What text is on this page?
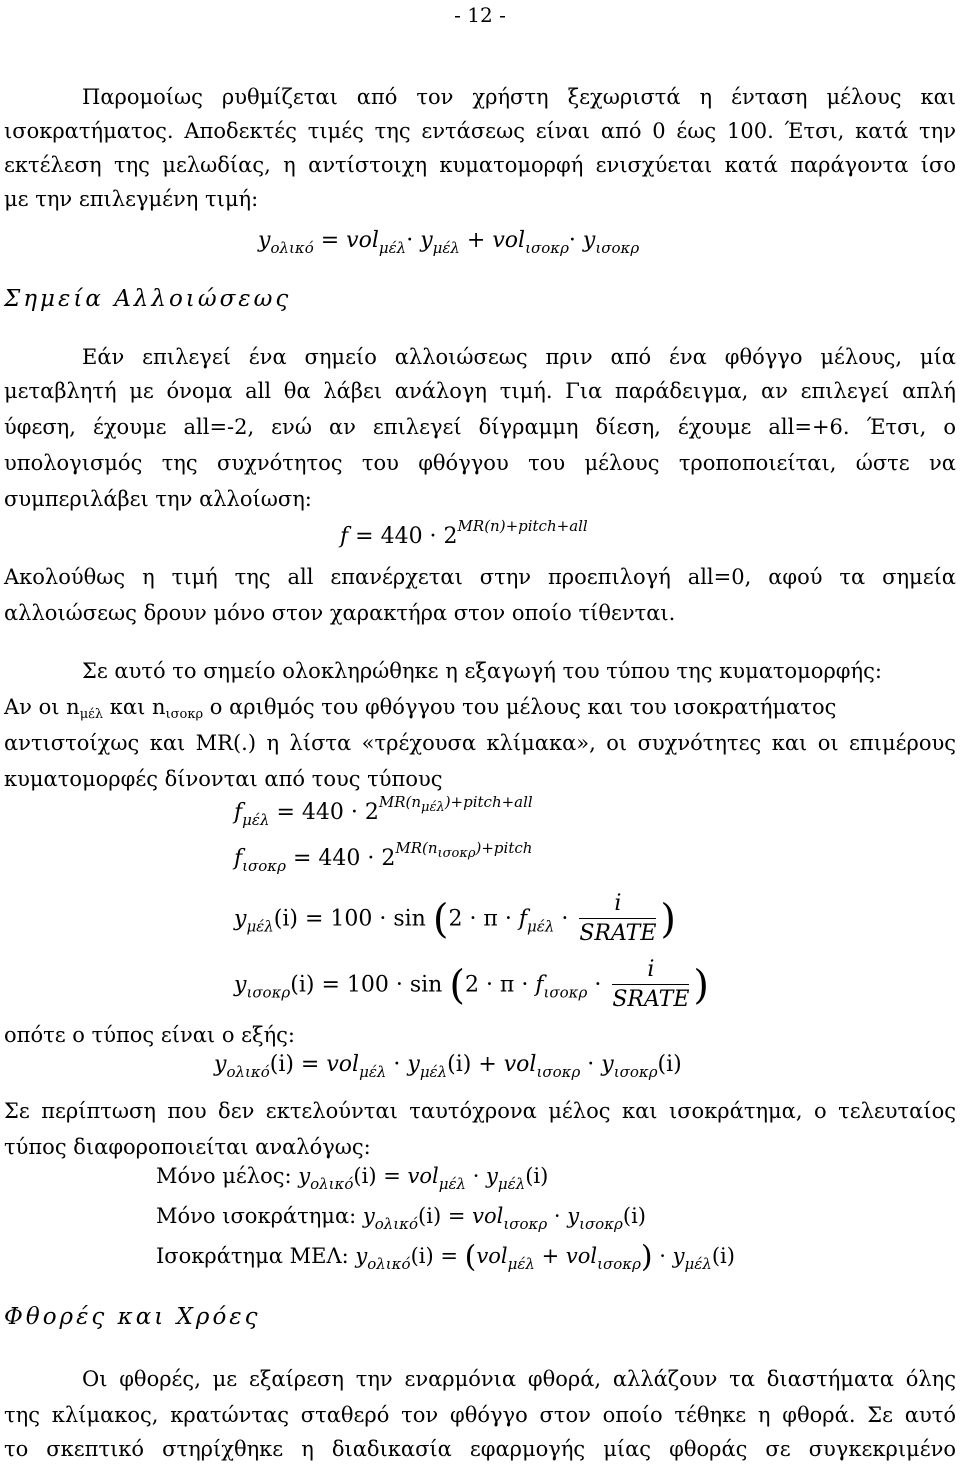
- 12 -
Παρομοίως ρυθμίζεται από τον χρήστη ξεχωριστά η ένταση μέλους και
ισοκρατήματος. Αποδεκτές τιμές της εντάσεως είναι από 0 έως 100. Έτσι, κατά την
εκτέλεση της μελωδίας, η αντίστοιχη κυματομορφή ενισχύεται κατά παράγοντα ίσο
με την επιλεγμένη τιμή:
$y_{o\lambda\iota\kappa ό} = vol_{\mu έ\lambda}\cdot y_{\mu έ\lambda} + vol_{\iota\sigma o\kappa\rho}\cdot y_{\iota\sigma o\kappa\rho}$
Σημεία Αλλοιώσεως
Εάν επιλεγεί ένα σημείο αλλοιώσεως πριν από ένα φθόγγο μέλους, μία
μεταβλητή με όνομα all θα λάβει ανάλογη τιμή. Για παράδειγμα, αν επιλεγεί απλή
ύφεση, έχουμε all=-2, ενώ αν επιλεγεί δίγραμμη δίεση, έχουμε all=+6. Έτσι, ο
υπολογισμός της συχνότητος του φθόγγου του μέλους τροποποιείται, ώστε να
συμπεριλάβει την αλλοίωση:
$f = 440 \cdot 2^{MR(n)+pitch+all}$
Ακολούθως η τιμή της all επανέρχεται στην προεπιλογή all=0, αφού τα σημεία
αλλοιώσεως δρουν μόνο στον χαρακτήρα στον οποίο τίθενται.
Σε αυτό το σημείο ολοκληρώθηκε η εξαγωγή του τύπου της κυματομορφής:
Αν οι nμέλ και nισοκρ ο αριθμός του φθόγγου του μέλους και του ισοκρατήματος
αντιστοίχως και MR(.) η λίστα «τρέχουσα κλίμακα», οι συχνότητες και οι επιμέρους
κυματομορφές δίνονται από τους τύπους
$f_{\mu έ\lambda} = 440 \cdot 2^{MR(n\mu έ\lambda)+pitch+all}$
$f_{\iota\sigma o\kappa\rho} = 440 \cdot 2^{MR(n\iota\sigma o\kappa\rho)+pitch}$
$y_{\mu έ\lambda}(i) = 100 \cdot \sin (2 \cdot \pi \cdot f_{\mu έ\lambda} \cdot \frac{i}{\text{SRATE}}$ )
$y_{\iota\sigma o\kappa\rho}(i) = 100 \cdot \sin (2 \cdot \pi \cdot f_{\iota\sigma o\kappa\rho} \cdot \frac{i}{\text{SRATE}}$ )
οπότε ο τύπος είναι ο εξής:
$y_{o\lambda\iota\kappa ό}(i) = vol_{\mu έ\lambda} \cdot y_{\mu έ\lambda}(i) + vol_{\iota\sigma o\kappa\rho} \cdot y_{\iota\sigma o\kappa\rho}(i)$
Σε περίπτωση που δεν εκτελούνται ταυτόχρονα μέλος και ισοκράτημα, ο τελευταίος
τύπος διαφοροποιείται αναλόγως:
Μόνο μέλος: $y_{o\lambda\iota\kappa ό}(i) = vol_{\mu έ\lambda} \cdot y_{\mu έ\lambda}(i)$
Μόνο ισοκράτημα: $y_{o\lambda\iota\kappa ό}(i) = vol_{\iota\sigma o\kappa\rho} \cdot y_{\iota\sigma o\kappa\rho}(i)$
Ισοκράτημα ΜΕΛ: $y_{o\lambda\iota\kappa ό}(i) = (vol_{\mu έ\lambda} + vol_{\iota\sigma o\kappa\rho}) \cdot y_{\mu έ\lambda}(i)$
Φθορές και Χρόες
Οι φθορές, με εξαίρεση την εναρμόνια φθορά, αλλάζουν τα διαστήματα όλης
της κλίμακος, κρατώντας σταθερό τον φθόγγο στον οποίο τέθηκε η φθορά. Σε αυτό
το σκεπτικό στηρίχθηκε η διαδικασία εφαρμογής μίας φθοράς σε συγκεκριμένο
